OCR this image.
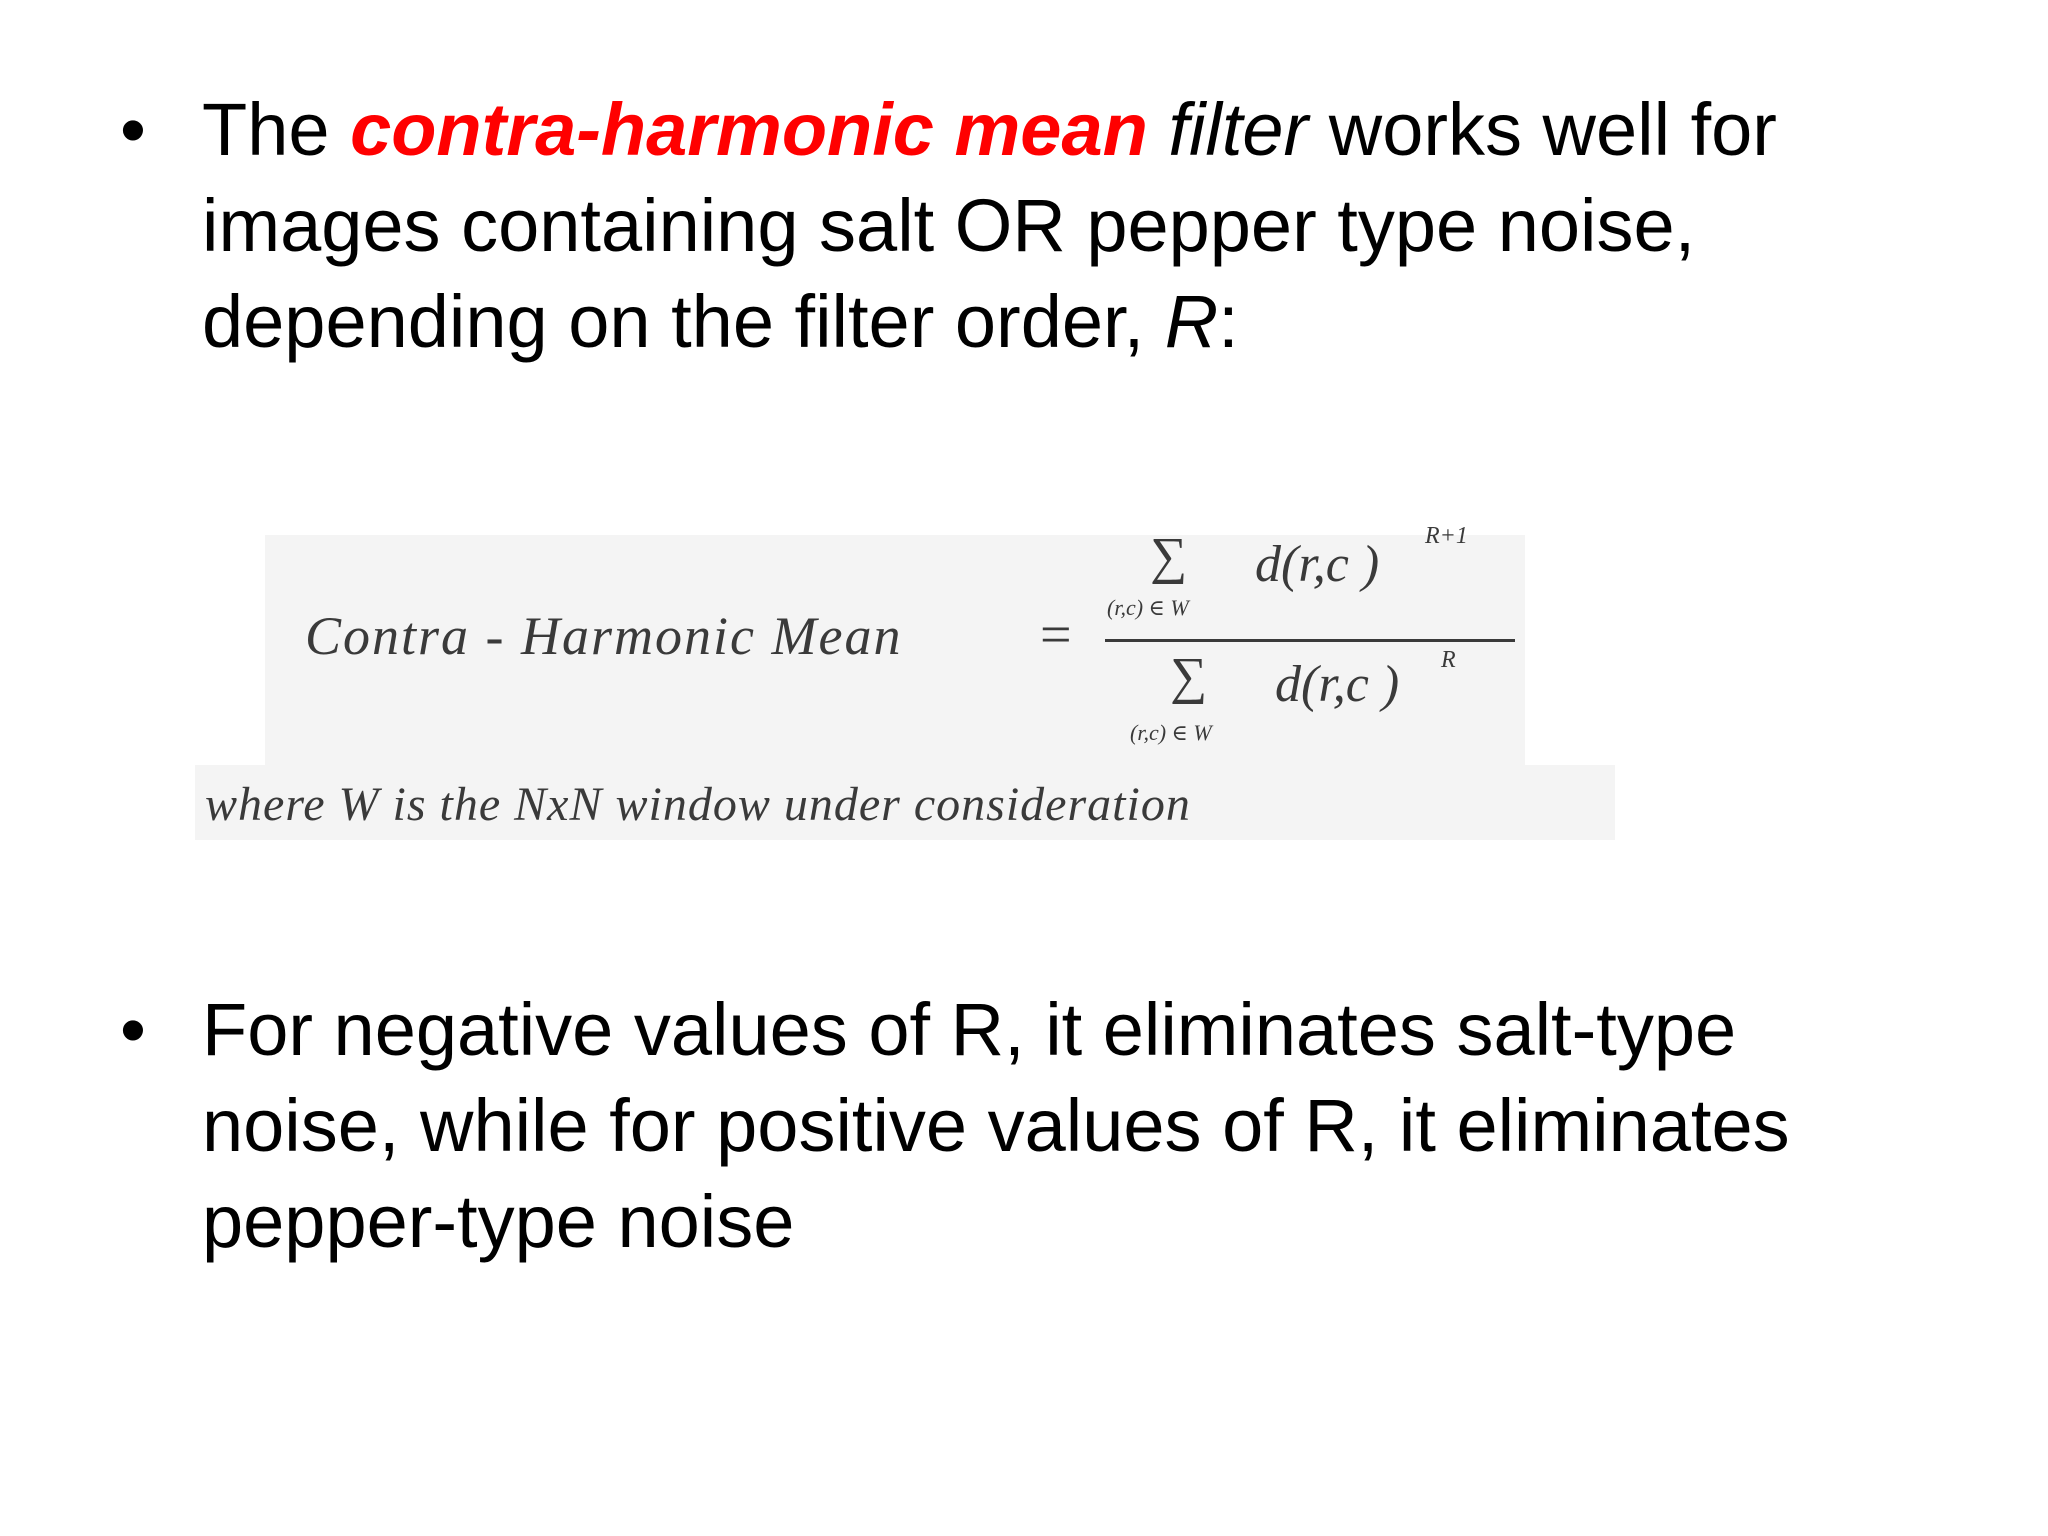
• The contra-harmonic mean filter works well for
images containing salt OR pepper type noise,
depending on the filter order, R:
Contra - Harmonic Mean =
∑
(r,c) ∈ W
d(r,c ) R+1
∑
(r,c) ∈ W
d(r,c ) R
where W is the NxN window under consideration
• For negative values of R, it eliminates salt-type
noise, while for positive values of R, it eliminates
pepper-type noise
